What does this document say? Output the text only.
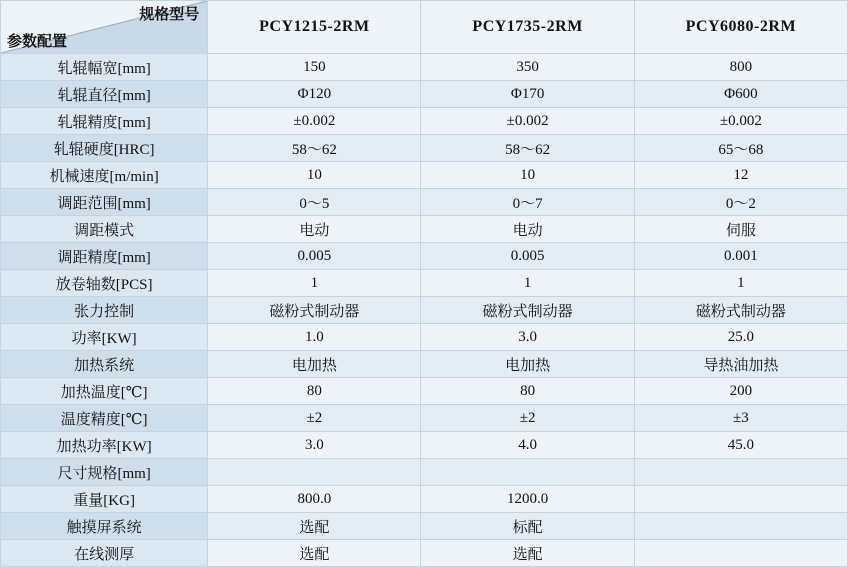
规格型号
参数配置	PCY1215-2RM	PCY1735-2RM	PCY6080-2RM
轧辊幅宽[mm]	150	350	800
轧辊直径[mm]	Φ120	Φ170	Φ600
轧辊精度[mm]	±0.002	±0.002	±0.002
轧辊硬度[HRC]	58～62	58～62	65～68
机械速度[m/min]	10	10	12
调距范围[mm]	0～5	0～7	0～2
调距模式	电动	电动	伺服
调距精度[mm]	0.005	0.005	0.001
放卷轴数[PCS]	1	1	1
张力控制	磁粉式制动器	磁粉式制动器	磁粉式制动器
功率[KW]	1.0	3.0	25.0
加热系统	电加热	电加热	导热油加热
加热温度[℃]	80	80	200
温度精度[℃]	±2	±2	±3
加热功率[KW]	3.0	4.0	45.0
尺寸规格[mm]			
重量[KG]	800.0	1200.0	
触摸屏系统	选配	标配	
在线测厚	选配	选配	
